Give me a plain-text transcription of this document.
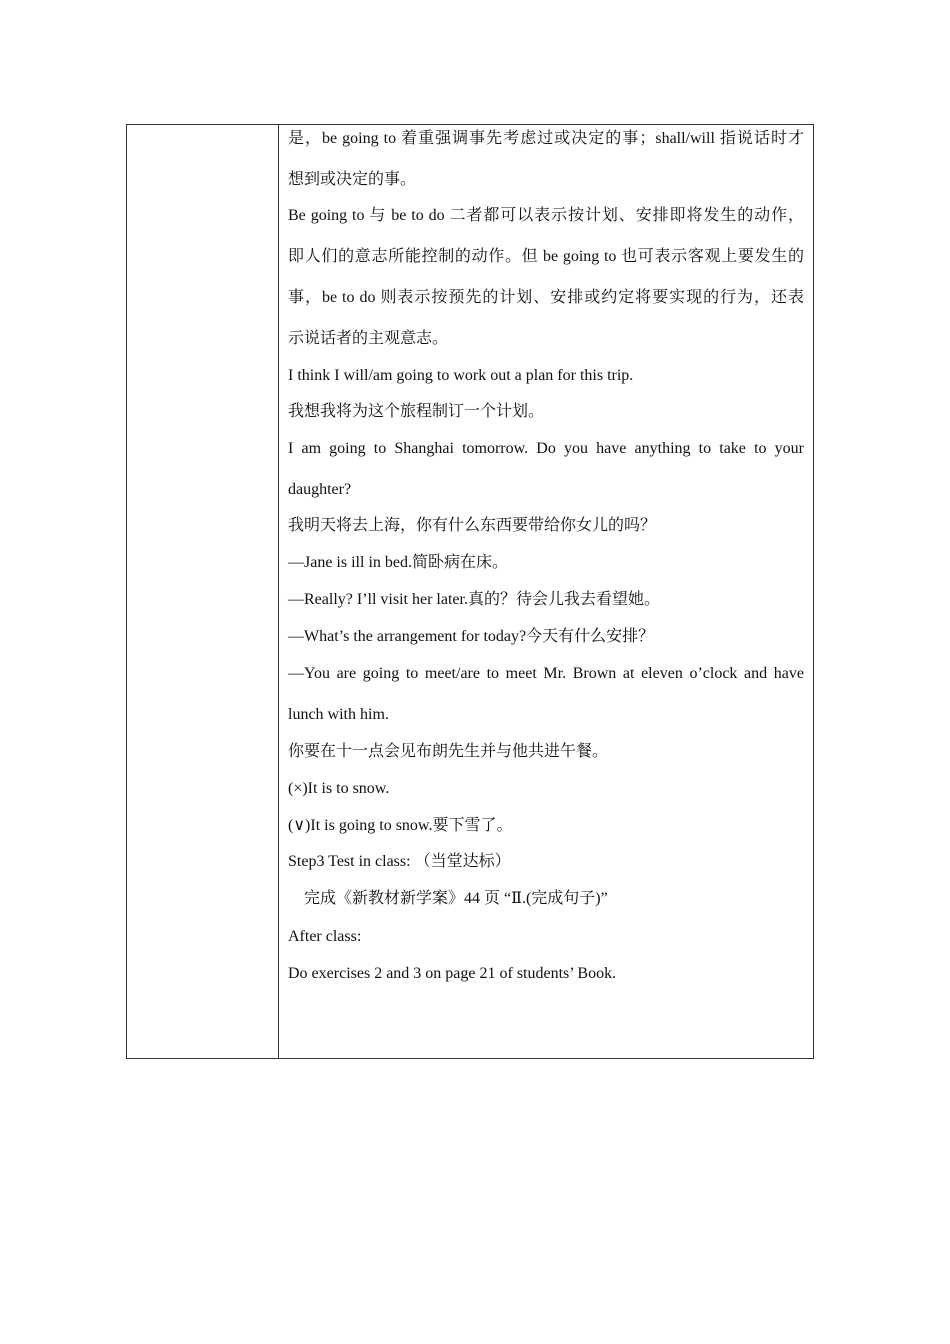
是，be going to 着重强调事先考虑过或决定的事；shall/will 指说话时才
想到或决定的事。
Be going to 与 be to do 二者都可以表示按计划、安排即将发生的动作，
即人们的意志所能控制的动作。但 be going to 也可表示客观上要发生的
事，be to do 则表示按预先的计划、安排或约定将要实现的行为，还表
示说话者的主观意志。
I think I will/am going to work out a plan for this trip.
我想我将为这个旅程制订一个计划。
I am going to Shanghai tomorrow. Do you have anything to take to your
daughter?
我明天将去上海，你有什么东西要带给你女儿的吗？
—Jane is ill in bed.简卧病在床。
—Really? I’ll visit her later.真的？待会儿我去看望她。
—What’s the arrangement for today?今天有什么安排？
—You are going to meet/are to meet Mr. Brown at eleven o’clock and have
lunch with him.
你要在十一点会见布朗先生并与他共进午餐。
(×)It is to snow.
(∨)It is going to snow.要下雪了。
Step3 Test in class: （当堂达标）
　完成《新教材新学案》44 页 “Ⅱ.(完成句子)”
After class:
Do exercises 2 and 3 on page 21 of students’ Book.
